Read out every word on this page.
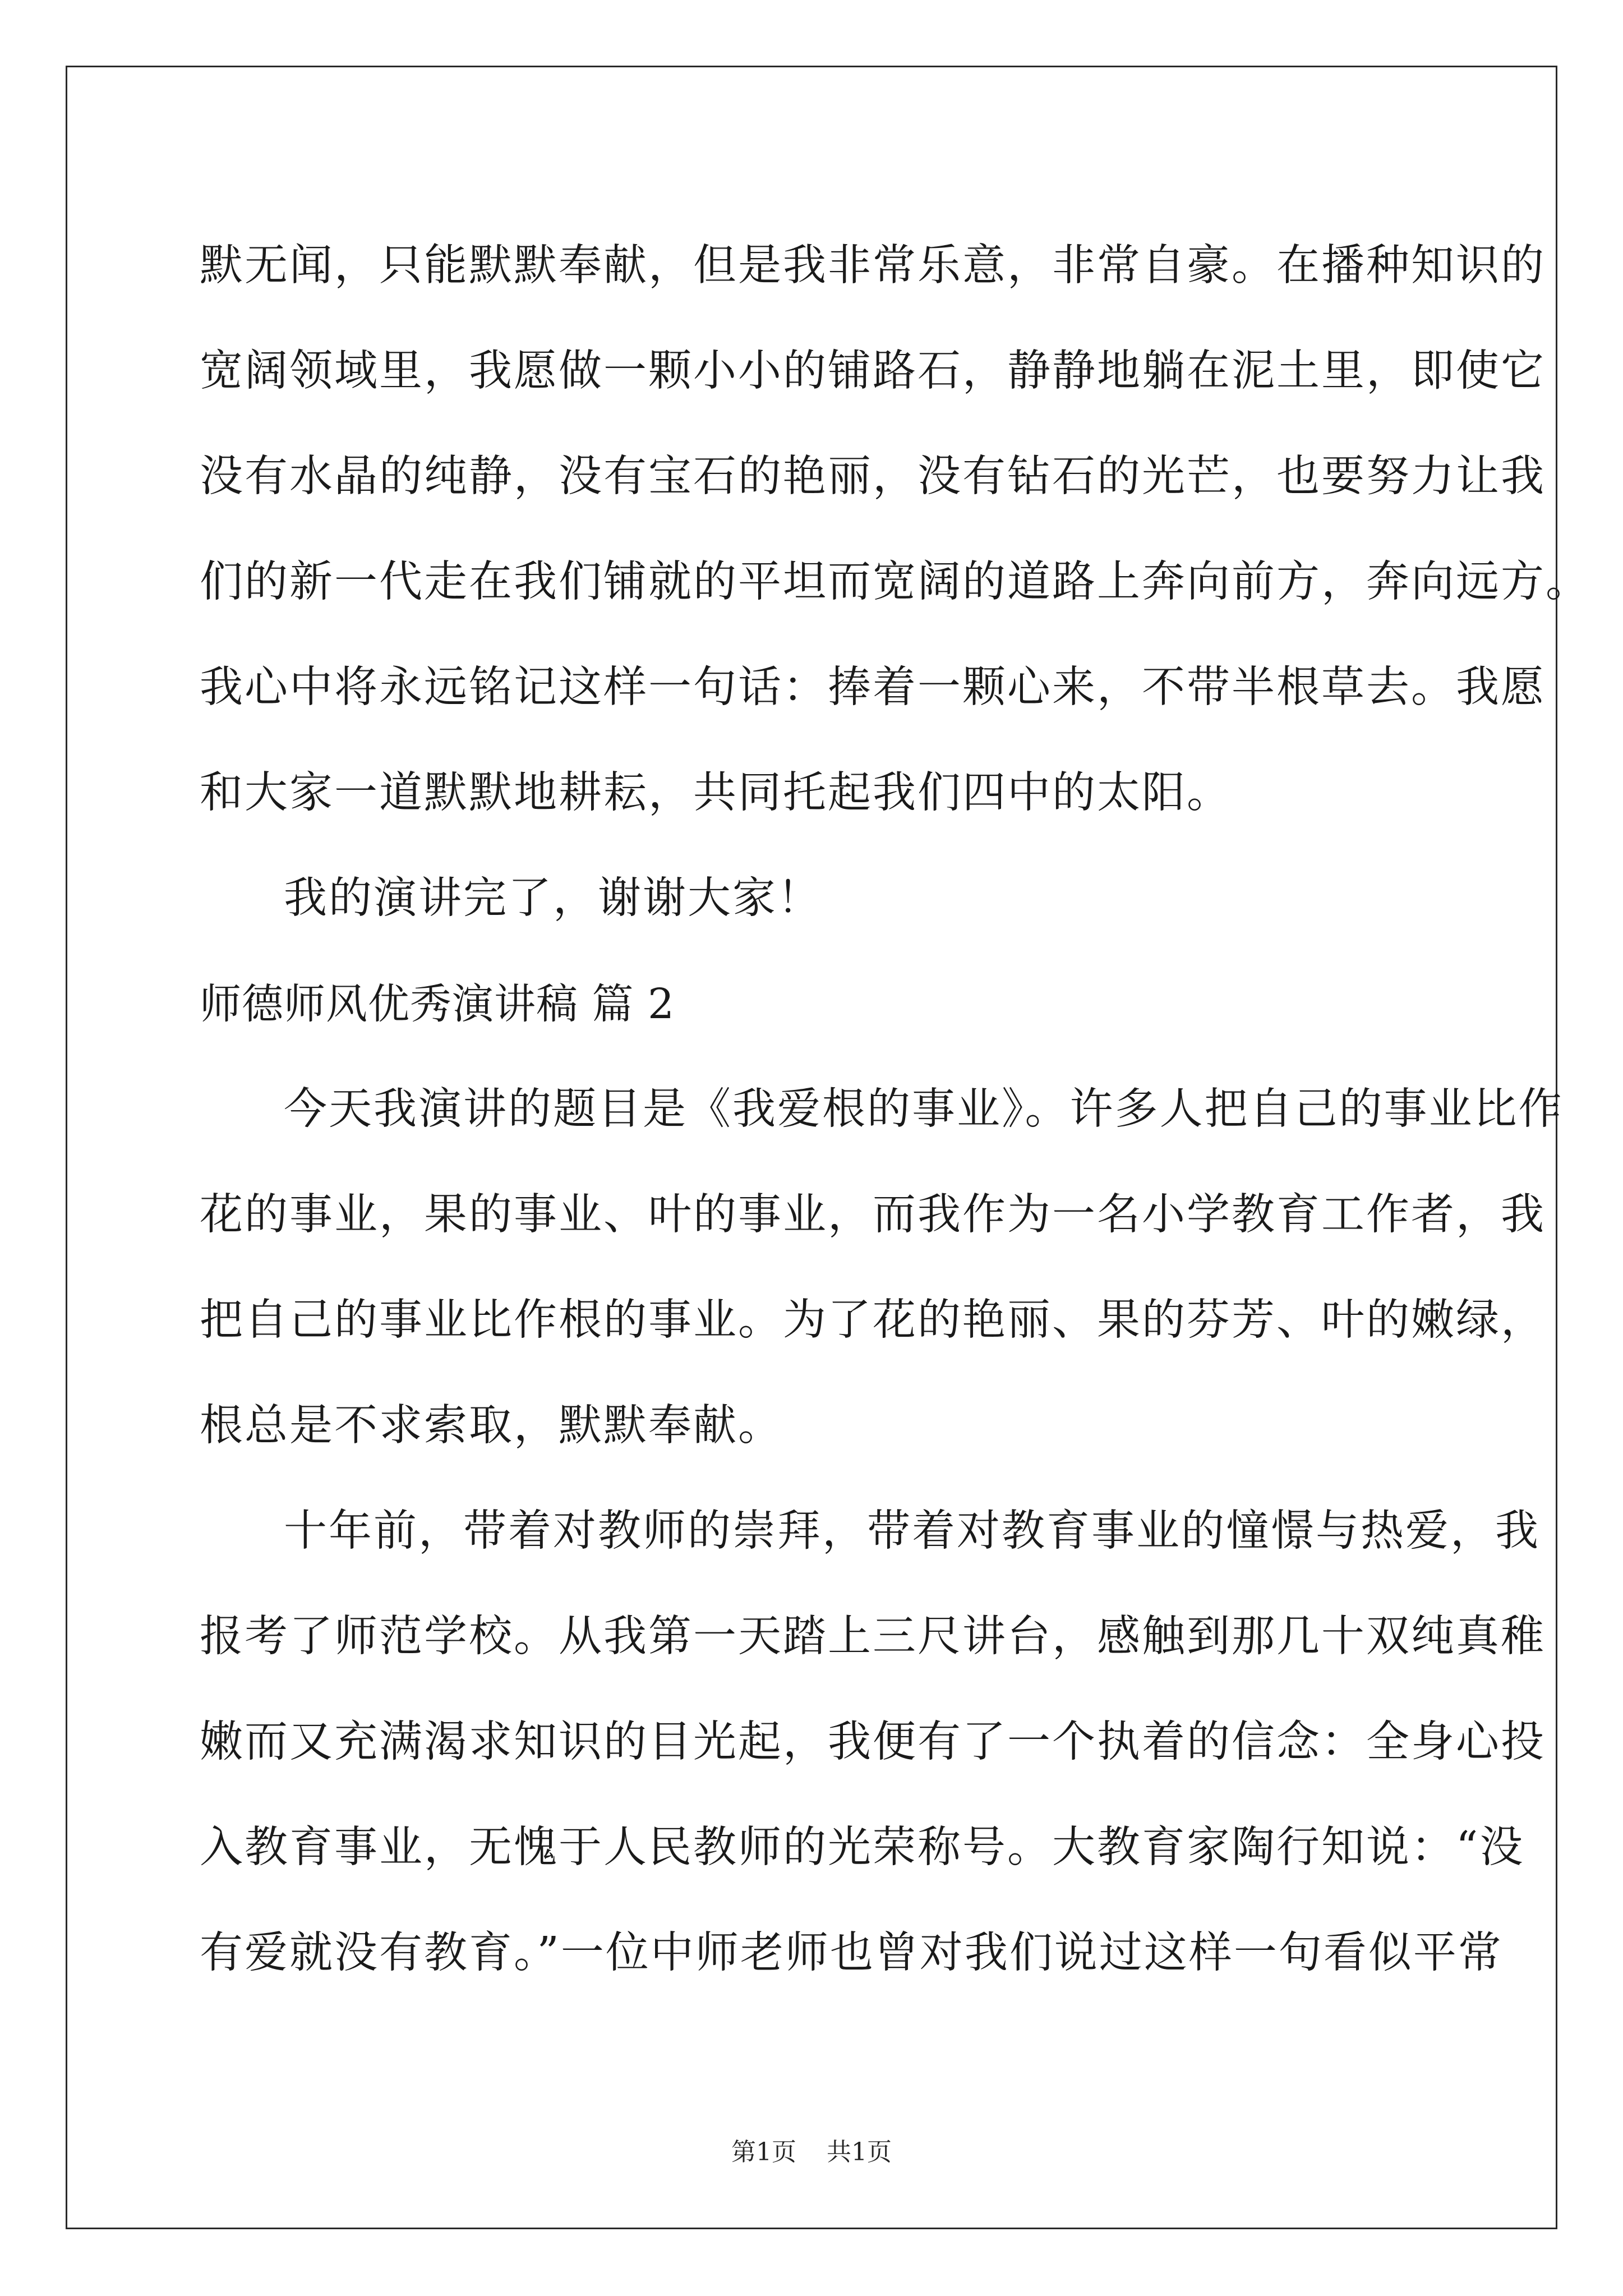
默无闻，只能默默奉献，但是我非常乐意，非常自豪。在播种知识的
宽阔领域里，我愿做一颗小小的铺路石，静静地躺在泥土里，即使它
没有水晶的纯静，没有宝石的艳丽，没有钻石的光芒，也要努力让我
们的新一代走在我们铺就的平坦而宽阔的道路上奔向前方，奔向远方。
我心中将永远铭记这样一句话：捧着一颗心来，不带半根草去。我愿
和大家一道默默地耕耘，共同托起我们四中的太阳。
我的演讲完了，谢谢大家！
师德师风优秀演讲稿 篇 2
今天我演讲的题目是《我爱根的事业》。许多人把自己的事业比作
花的事业，果的事业、叶的事业，而我作为一名小学教育工作者，我
把自己的事业比作根的事业。为了花的艳丽、果的芬芳、叶的嫩绿，
根总是不求索取，默默奉献。
十年前，带着对教师的崇拜，带着对教育事业的憧憬与热爱，我
报考了师范学校。从我第一天踏上三尺讲台，感触到那几十双纯真稚
嫩而又充满渴求知识的目光起，我便有了一个执着的信念：全身心投
入教育事业，无愧于人民教师的光荣称号。大教育家陶行知说：“没
有爱就没有教育。”一位中师老师也曾对我们说过这样一句看似平常
第1页 共1页
